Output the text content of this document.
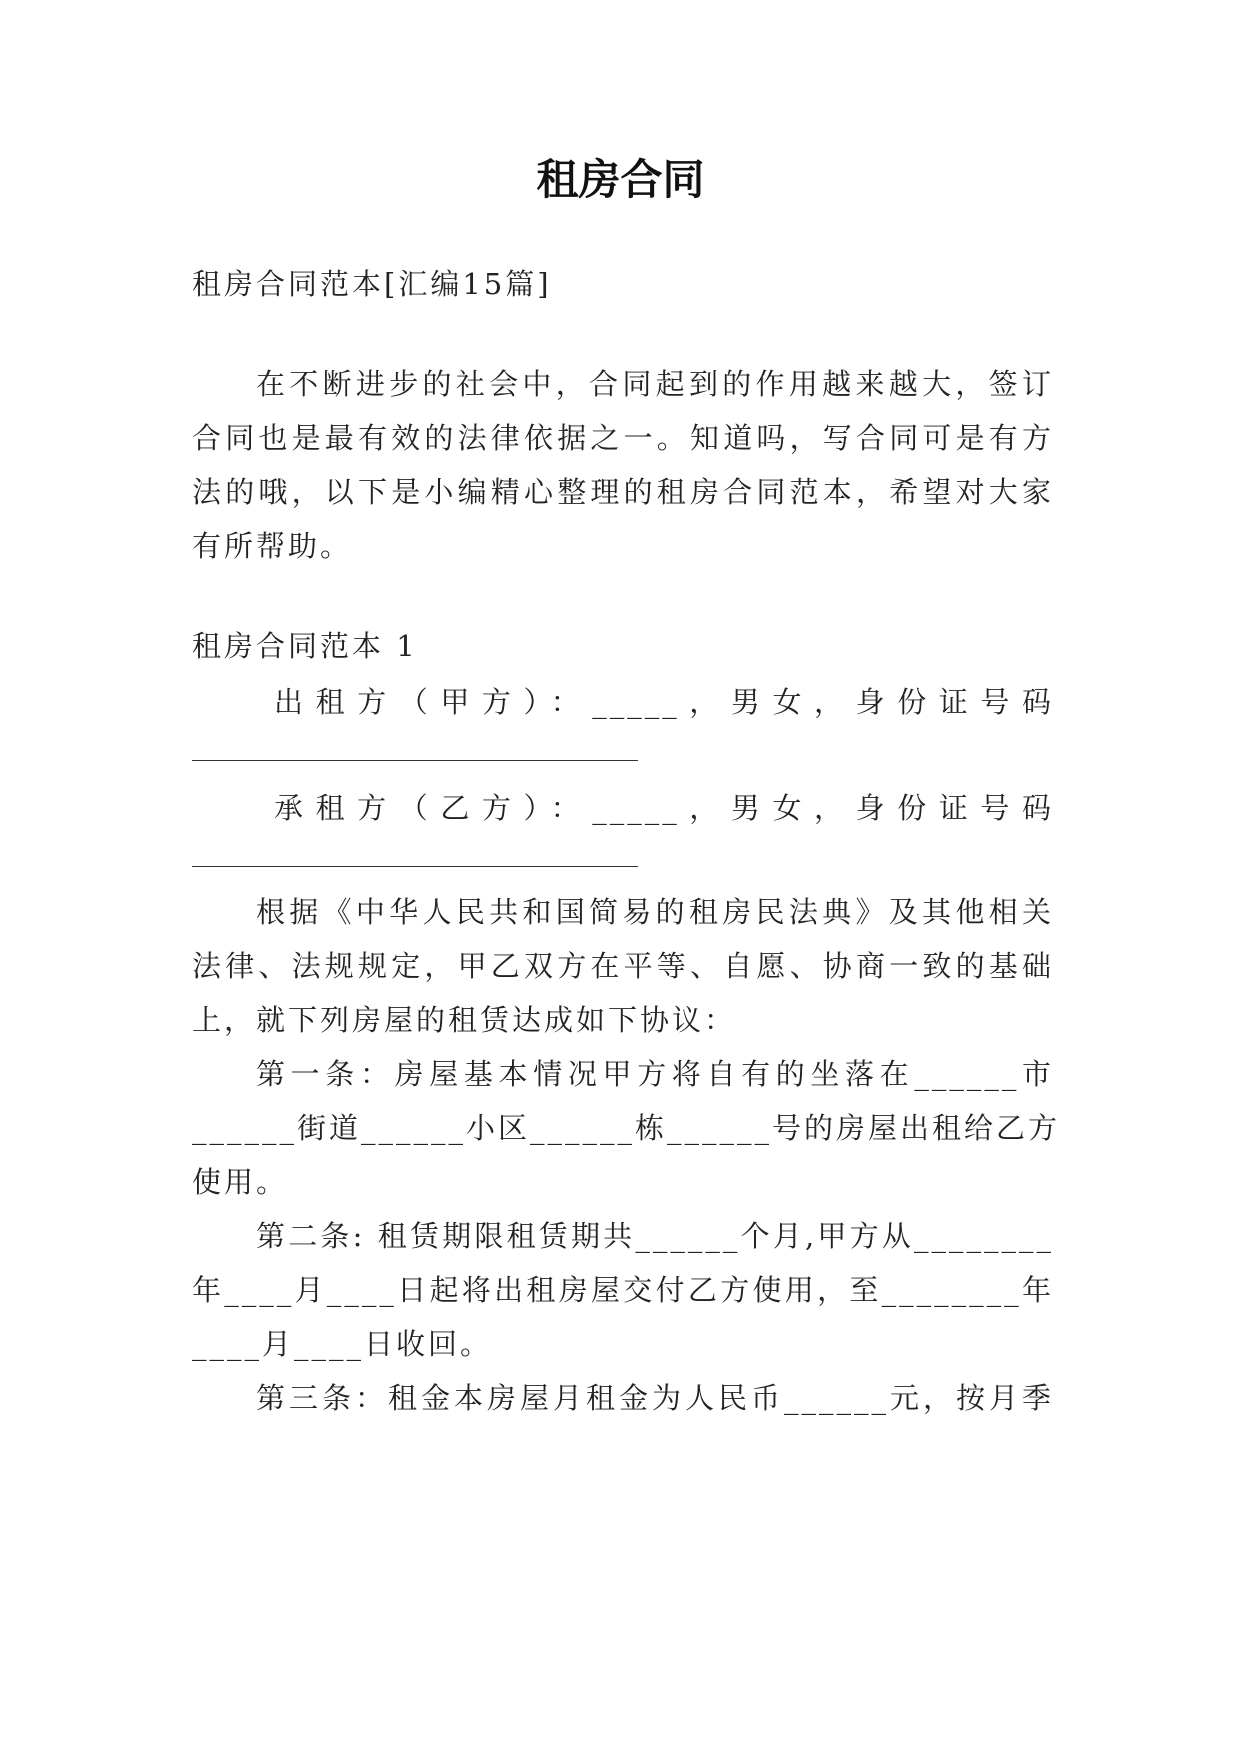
租房合同
租房合同范本[汇编15篇]
在不断进步的社会中，合同起到的作用越来越大，签订
合同也是最有效的法律依据之一。知道吗，写合同可是有方
法的哦，以下是小编精心整理的租房合同范本，希望对大家
有所帮助。
租房合同范本 1
出租方（甲方）：_____，男女，身份证号码
承租方（乙方）：_____，男女，身份证号码
根据《中华人民共和国简易的租房民法典》及其他相关
法律、法规规定，甲乙双方在平等、自愿、协商一致的基础
上，就下列房屋的租赁达成如下协议：
第一条：房屋基本情况甲方将自有的坐落在______市
______街道______小区______栋______号的房屋出租给乙方
使用。
第二条: 租赁期限租赁期共______个月,甲方从________
年____月____日起将出租房屋交付乙方使用，至________年
____月____日收回。
第三条：租金本房屋月租金为人民币______元，按月季
